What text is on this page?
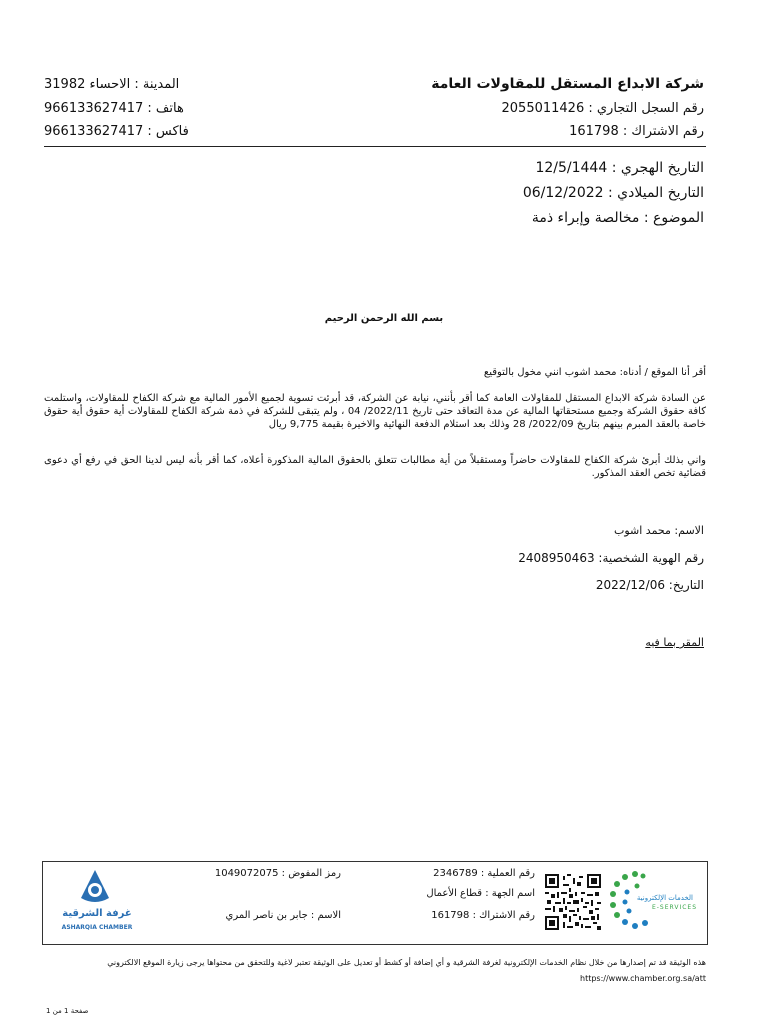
شركة الابداع المستقل للمقاولات العامة
رقم السجل التجاري : 2055011426
رقم الاشتراك : 161798
المدينة : الاحساء 31982
هاتف : 966133627417
فاكس : 966133627417
التاريخ الهجري : 12/5/1444
التاريخ الميلادي : 06/12/2022
الموضوع : مخالصة وإبراء ذمة
بسم الله الرحمن الرحيم
أقر أنا الموقع / أدناه: محمد اشوب انني مخول بالتوقيع
عن السادة شركة الابداع المستقل للمقاولات العامة كما أقر بأنني، نيابة عن الشركة، قد أبرئت تسوية لجميع الأمور المالية مع شركة الكفاح للمقاولات، واستلمت كافة حقوق الشركة وجميع مستحقاتها المالية عن مدة التعاقد حتى تاريخ 2022/11/ 04 ، ولم يتبقى للشركة في ذمة شركة الكفاح للمقاولات أية حقوق أية حقوق خاصة بالعقد المبرم بينهم بتاريخ 2022/09/ 28 وذلك بعد استلام الدفعة النهائية والاخيرة بقيمة 9,775 ريال
واني بذلك أبرئ شركة الكفاح للمقاولات حاضراً ومستقبلاً من أية مطالبات تتعلق بالحقوق المالية المذكورة أعلاه، كما أقر بأنه ليس لدينا الحق في رفع أي دعوى قضائية تخص العقد المذكور.
الاسم: محمد اشوب
رقم الهوية الشخصية: 2408950463
التاريخ: 2022/12/06
المقر بما فيه
الخدمات الإلكترونية
E-SERVICES
رقم العملية : 2346789
اسم الجهة : قطاع الأعمال
رقم الاشتراك : 161798
رمز المفوض : 1049072075
الاسم : جابر بن ناصر المري
غرفة الشرقية
ASHARQIA CHAMBER
هذه الوثيقة قد تم إصدارها من خلال نظام الخدمات الإلكترونية لغرفة الشرقية و أي إضافة أو كشط أو تعديل على الوثيقة تعتبر لاغية وللتحقق من محتواها يرجى زيارة الموقع الالكتروني
https://www.chamber.org.sa/att
صفحة 1 من 1
